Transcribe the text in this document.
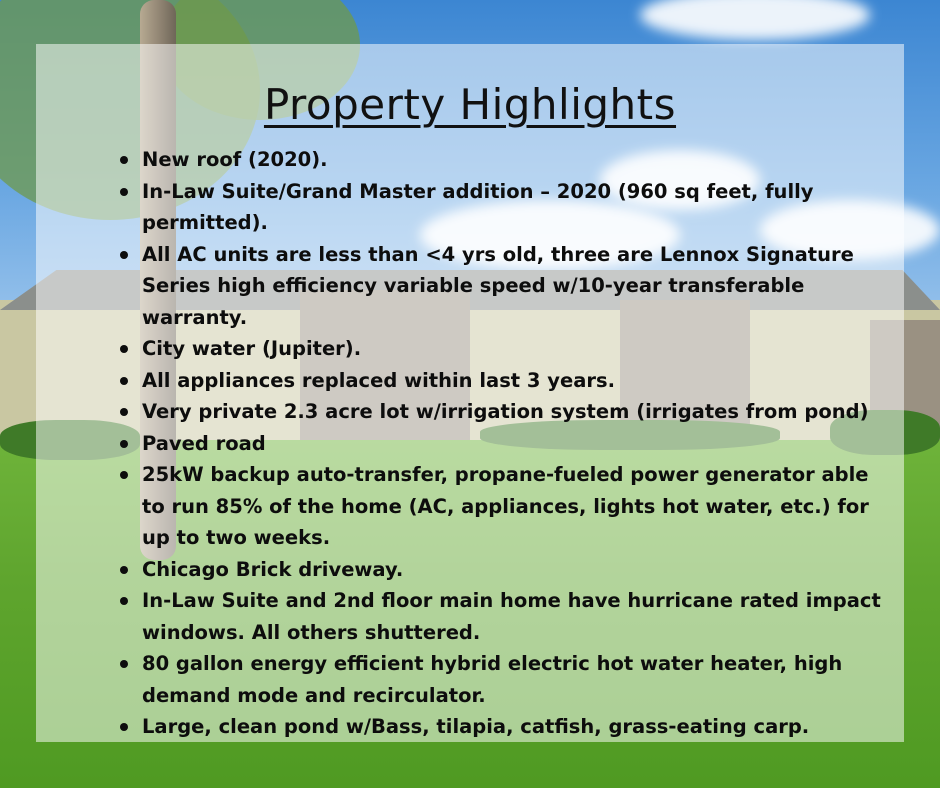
Property Highlights
New roof (2020).
In-Law Suite/Grand Master addition – 2020 (960 sq feet, fully permitted).
All AC units are less than <4 yrs old, three are Lennox Signature Series high efficiency variable speed w/10-year transferable warranty.
City water (Jupiter).
All appliances replaced within last 3 years.
Very private 2.3 acre lot w/irrigation system (irrigates from pond)
Paved road
25kW backup auto-transfer, propane-fueled power generator able to run 85% of the home (AC, appliances, lights hot water, etc.) for up to two weeks.
Chicago Brick driveway.
In-Law Suite and 2nd floor main home have hurricane rated impact windows. All others shuttered.
80 gallon energy efficient hybrid electric hot water heater, high demand mode and recirculator.
Large, clean pond w/Bass, tilapia, catfish, grass-eating carp.
